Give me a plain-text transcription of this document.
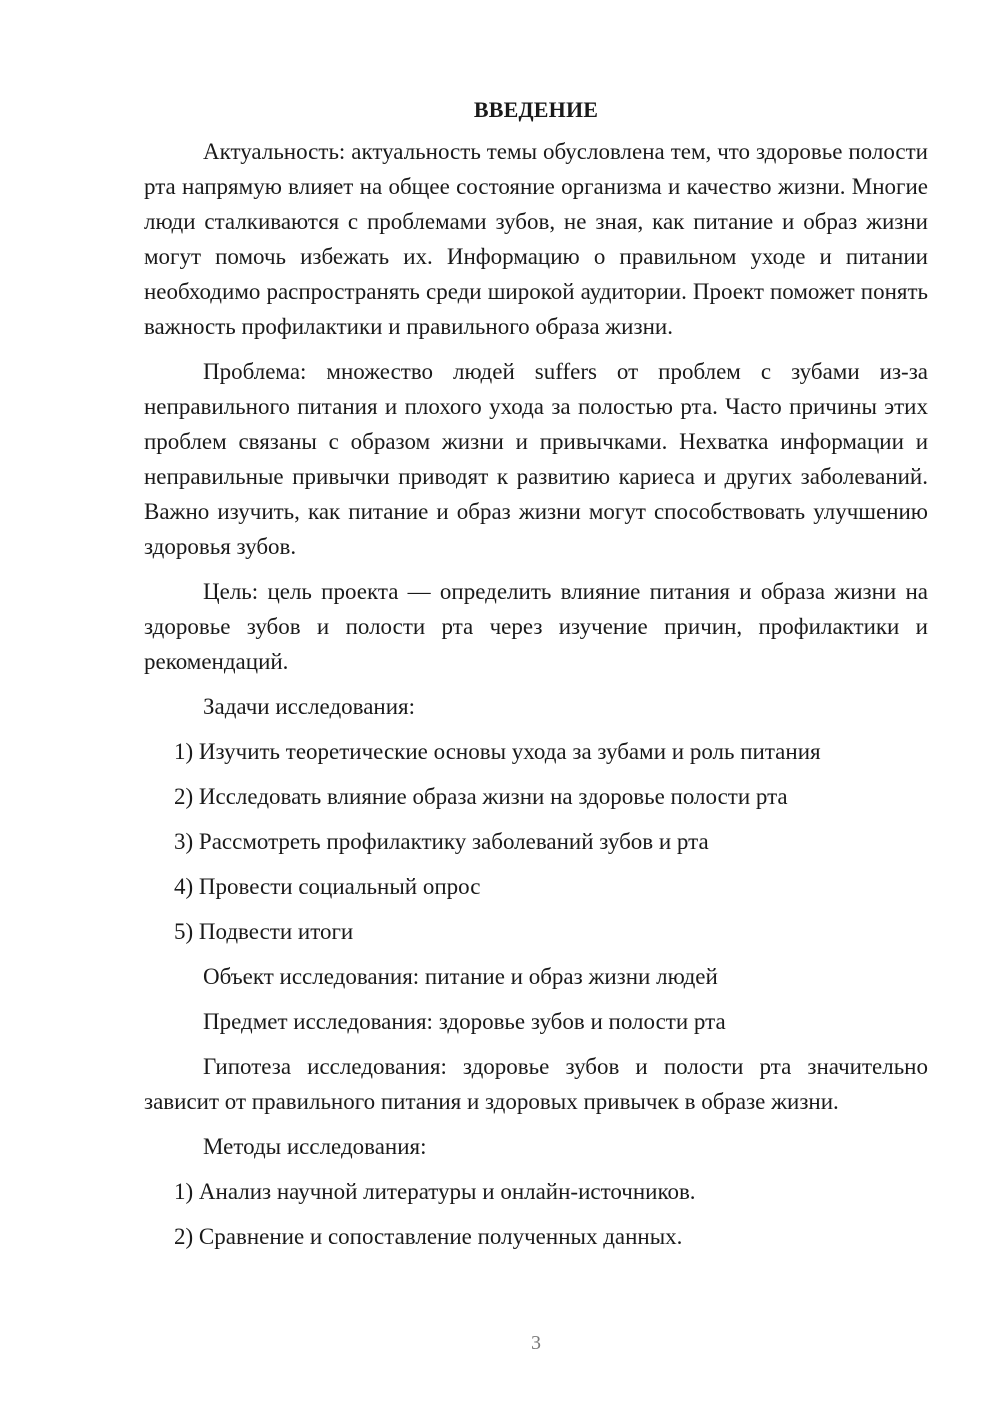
ВВЕДЕНИЕ

Актуальность: актуальность темы обусловлена тем, что здоровье полости рта напрямую влияет на общее состояние организма и качество жизни. Многие люди сталкиваются с проблемами зубов, не зная, как питание и образ жизни могут помочь избежать их. Информацию о правильном уходе и питании необходимо распространять среди широкой аудитории. Проект поможет понять важность профилактики и правильного образа жизни.

Проблема: множество людей suffers от проблем с зубами из-за неправильного питания и плохого ухода за полостью рта. Часто причины этих проблем связаны с образом жизни и привычками. Нехватка информации и неправильные привычки приводят к развитию кариеса и других заболеваний. Важно изучить, как питание и образ жизни могут способствовать улучшению здоровья зубов.

Цель: цель проекта — определить влияние питания и образа жизни на здоровье зубов и полости рта через изучение причин, профилактики и рекомендаций.

Задачи исследования:

1) Изучить теоретические основы ухода за зубами и роль питания

2) Исследовать влияние образа жизни на здоровье полости рта

3) Рассмотреть профилактику заболеваний зубов и рта

4) Провести социальный опрос

5) Подвести итоги

Объект исследования: питание и образ жизни людей

Предмет исследования: здоровье зубов и полости рта

Гипотеза исследования: здоровье зубов и полости рта значительно зависит от правильного питания и здоровых привычек в образе жизни.

Методы исследования:

1) Анализ научной литературы и онлайн-источников.

2) Сравнение и сопоставление полученных данных.

3
